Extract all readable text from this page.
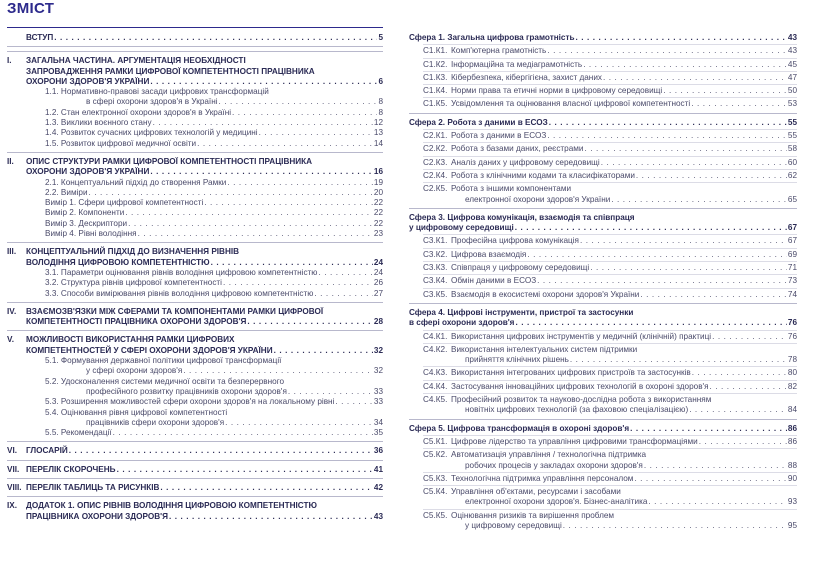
ЗМІСТ
ВСТУП . . .	5
I.	ЗАГАЛЬНА ЧАСТИНА. АРГУМЕНТАЦІЯ НЕОБХІДНОСТІ
ЗАПРОВАДЖЕННЯ РАМКИ ЦИФРОВОЇ КОМПЕТЕНТНОСТІ ПРАЦІВНИКА
ОХОРОНИ ЗДОРОВ'Я УКРАЇНИ . . .	6
1.1. Нормативно-правові засади цифрових трансформацій
в сфері охорони здоров'я в Україні . . .	8
1.2. Стан електронної охорони здоров'я в Україні . . .	8
1.3. Виклики воєнного стану . . .	12
1.4. Розвиток сучасних цифрових технологій у медицині . . .	13
1.5. Розвиток цифрової медичної освіти . . .	14
II.	ОПИС СТРУКТУРИ РАМКИ ЦИФРОВОЇ КОМПЕТЕНТНОСТІ ПРАЦІВНИКА
ОХОРОНИ ЗДОРОВ'Я УКРАЇНИ . . .	16
2.1. Концептуальний підхід до створення Рамки . . .	19
2.2. Виміри . . .	20
Вимір 1. Сфери цифрової компетентності . . .	22
Вимір 2. Компоненти . . .	22
Вимір 3. Дескриптори . . .	22
Вимір 4. Рівні володіння . . .	23
III.	КОНЦЕПТУАЛЬНИЙ ПІДХІД ДО ВИЗНАЧЕННЯ РІВНІВ
ВОЛОДІННЯ ЦИФРОВОЮ КОМПЕТЕНТНІСТЮ . . .	24
3.1. Параметри оцінювання рівнів володіння цифровою компетентністю . . .	24
3.2. Структура рівнів цифрової компетентності . . .	26
3.3. Способи вимірювання рівнів володіння цифровою компетентністю . . .	27
IV.	ВЗАЄМОЗВ'ЯЗКИ МІЖ СФЕРАМИ ТА КОМПОНЕНТАМИ РАМКИ ЦИФРОВОЇ
КОМПЕТЕНТНОСТІ ПРАЦІВНИКА ОХОРОНИ ЗДОРОВ'Я . . .	28
V.	МОЖЛИВОСТІ ВИКОРИСТАННЯ РАМКИ ЦИФРОВИХ
КОМПЕТЕНТНОСТЕЙ У СФЕРІ ОХОРОНИ ЗДОРОВ'Я УКРАЇНИ . . .	32
5.1. Формування державної політики цифрової трансформації
у сфері охорони здоров'я . . .	32
5.2. Удосконалення системи медичної освіти та безперервного
професійного розвитку працівників охорони здоров'я . . .	33
5.3. Розширення можливостей сфери охорони здоров'я на локальному рівні . . .	33
5.4. Оцінювання рівня цифрової компетентності
працівників сфери охорони здоров'я . . .	34
5.5. Рекомендації . . .	35
VI.	ГЛОСАРІЙ . . .	36
VII. ПЕРЕЛІК СКОРОЧЕНЬ . . .	41
VIII. ПЕРЕЛІК ТАБЛИЦЬ ТА РИСУНКІВ . . .	42
IX.	ДОДАТОК 1. ОПИС РІВНІВ ВОЛОДІННЯ ЦИФРОВОЮ КОМПЕТЕНТНІСТЮ
ПРАЦІВНИКА ОХОРОНИ ЗДОРОВ'Я . . .	43
Сфера 1. Загальна цифрова грамотність . . .	43
С1.К1. Комп'ютерна грамотність . . .	43
С1.К2. Інформаційна та медіаграмотність . . .	45
С1.К3. Кібербезпека, кібергігієна, захист даних . . .	47
С1.К4. Норми права та етичні норми в цифровому середовищі . . .	50
С1.К5. Усвідомлення та оцінювання власної цифрової компетентності . . .	53
Сфера 2. Робота з даними в ЕСОЗ . . .	55
С2.К1. Робота з даними в ЕСОЗ . . .	55
С2.К2. Робота з базами даних, реєстрами . . .	58
С2.К3. Аналіз даних у цифровому середовищі . . .	60
С2.К4. Робота з клінічними кодами та класифікаторами . . .	62
С2.К5. Робота з іншими компонентами
електронної охорони здоров'я України . . .	65
Сфера 3. Цифрова комунікація, взаємодія та співпраця
у цифровому середовищі . . .	67
С3.К1. Професійна цифрова комунікація . . .	67
С3.К2. Цифрова взаємодія . . .	69
С3.К3. Співпраця у цифровому середовищі . . .	71
С3.К4. Обмін даними в ЕСОЗ . . .	73
С3.К5. Взаємодія в екосистемі охорони здоров'я України . . .	74
Сфера 4. Цифрові інструменти, пристрої та застосунки
в сфері охорони здоров'я . . .	76
С4.К1. Використання цифрових інструментів у медичній (клінічній) практиці . . .	76
С4.К2. Використання інтелектуальних систем підтримки
прийняття клінічних рішень . . .	78
С4.К3. Використання інтегрованих цифрових пристроїв та застосунків . . .	80
С4.К4. Застосування інноваційних цифрових технологій в охороні здоров'я . . .	82
С4.К5. Професійний розвиток та науково-дослідна робота з використанням
новітніх цифрових технологій (за фаховою спеціалізацією) . . .	84
Сфера 5. Цифрова трансформація в охороні здоров'я . . .	86
С5.К1. Цифрове лідерство та управління цифровими трансформаціями . . .	86
С5.К2. Автоматизація управління / технологічна підтримка
робочих процесів у закладах охорони здоров'я . . .	88
С5.К3. Технологічна підтримка управління персоналом . . .	90
С5.К4. Управління об'єктами, ресурсами і засобами
електронної охорони здоров'я. Бізнес-аналітика . . .	93
С5.К5. Оцінювання ризиків та вирішення проблем
у цифровому середовищі . . .	95
